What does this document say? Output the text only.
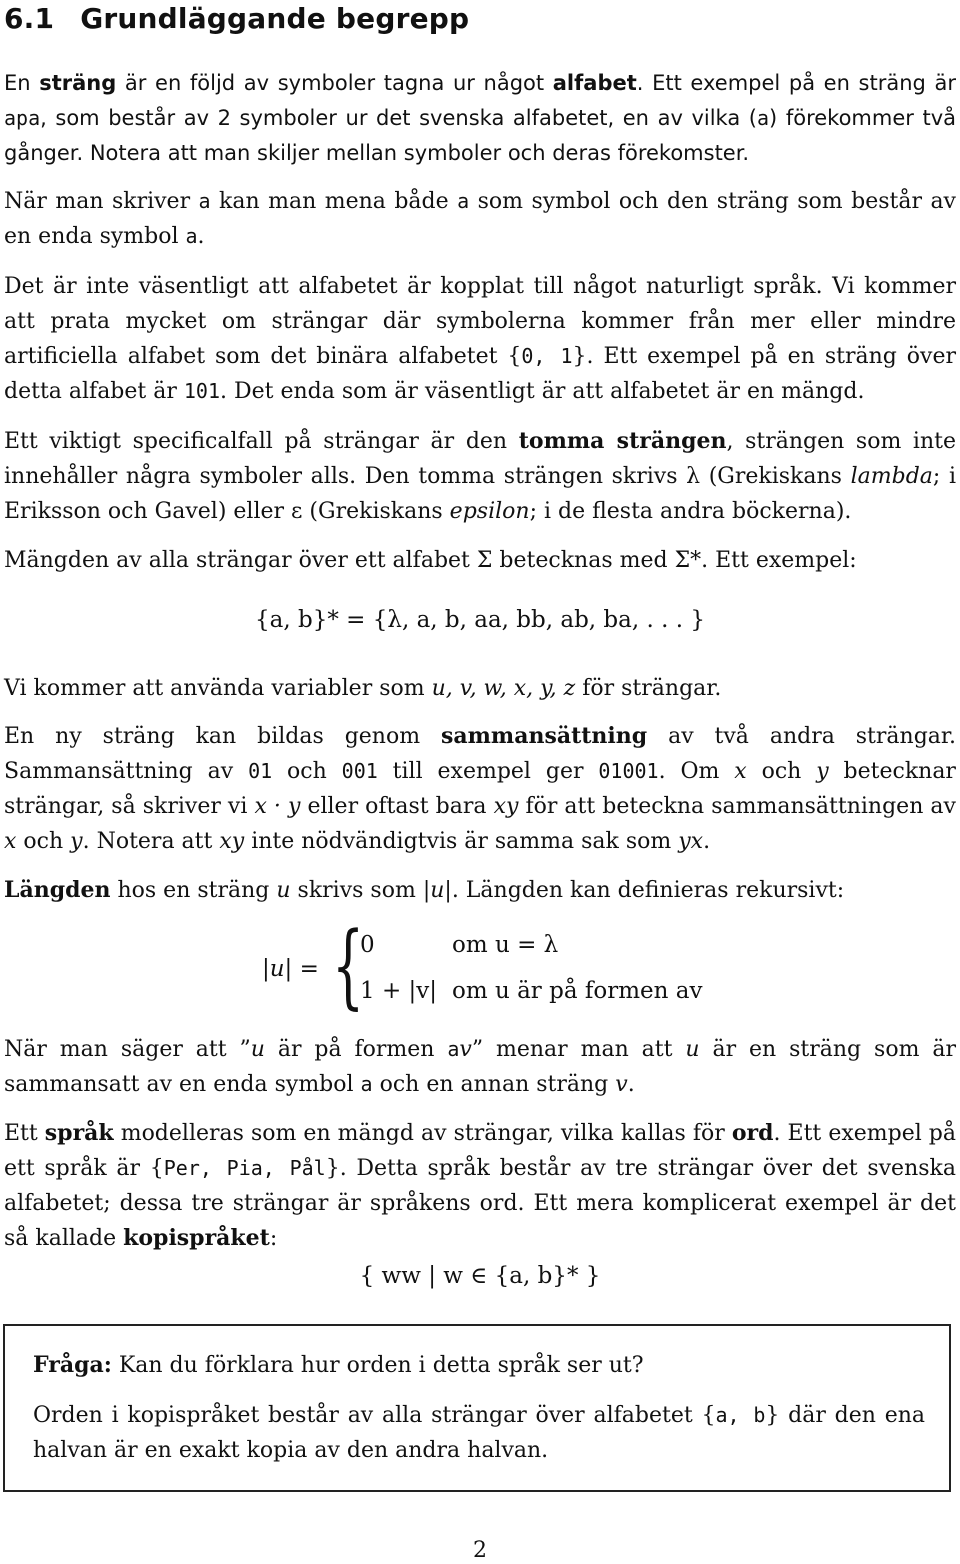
6.1 Grundläggande begrepp

En sträng är en följd av symboler tagna ur något alfabet. Ett exempel på en sträng är apa, som består av 2 symboler ur det svenska alfabetet, en av vilka (a) förekommer två gånger. Notera att man skiljer mellan symboler och deras förekomster.

När man skriver a kan man mena både a som symbol och den sträng som består av en enda symbol a.

Det är inte väsentligt att alfabetet är kopplat till något naturligt språk. Vi kommer att prata mycket om strängar där symbolerna kommer från mer eller mindre artificiella alfabet som det binära alfabetet {0, 1}. Ett exempel på en sträng över detta alfabet är 101. Det enda som är väsentligt är att alfabetet är en mängd.

Ett viktigt specificalfall på strängar är den tomma strängen, strängen som inte innehåller några symboler alls. Den tomma strängen skrivs λ (Grekiskans lambda; i Eriksson och Gavel) eller ε (Grekiskans epsilon; i de flesta andra böckerna).

Mängden av alla strängar över ett alfabet Σ betecknas med Σ*. Ett exempel:

{a, b}* = {λ, a, b, aa, bb, ab, ba, . . . }

Vi kommer att använda variabler som u, v, w, x, y, z för strängar.

En ny sträng kan bildas genom sammansättning av två andra strängar. Sammansättning av 01 och 001 till exempel ger 01001. Om x och y betecknar strängar, så skriver vi x · y eller oftast bara xy för att beteckna sammansättningen av x och y. Notera att xy inte nödvändigtvis är samma sak som yx.

Längden hos en sträng u skrivs som |u|. Längden kan definieras rekursivt:

|u| = {
0	om u = λ
1 + |v| om u är på formen av

När man säger att ”u är på formen av” menar man att u är en sträng som är sammansatt av en enda symbol a och en annan sträng v.

Ett språk modelleras som en mängd av strängar, vilka kallas för ord. Ett exempel på ett språk är {Per, Pia, Pål}. Detta språk består av tre strängar över det svenska alfabetet; dessa tre strängar är språkens ord. Ett mera komplicerat exempel är det så kallade kopispråket:

{ ww | w ∈ {a, b}* }
2
Fråga: Kan du förklara hur orden i detta språk ser ut?
Orden i kopispråket består av alla strängar över alfabetet {a, b} där den ena halvan är en exakt kopia av den andra halvan.
